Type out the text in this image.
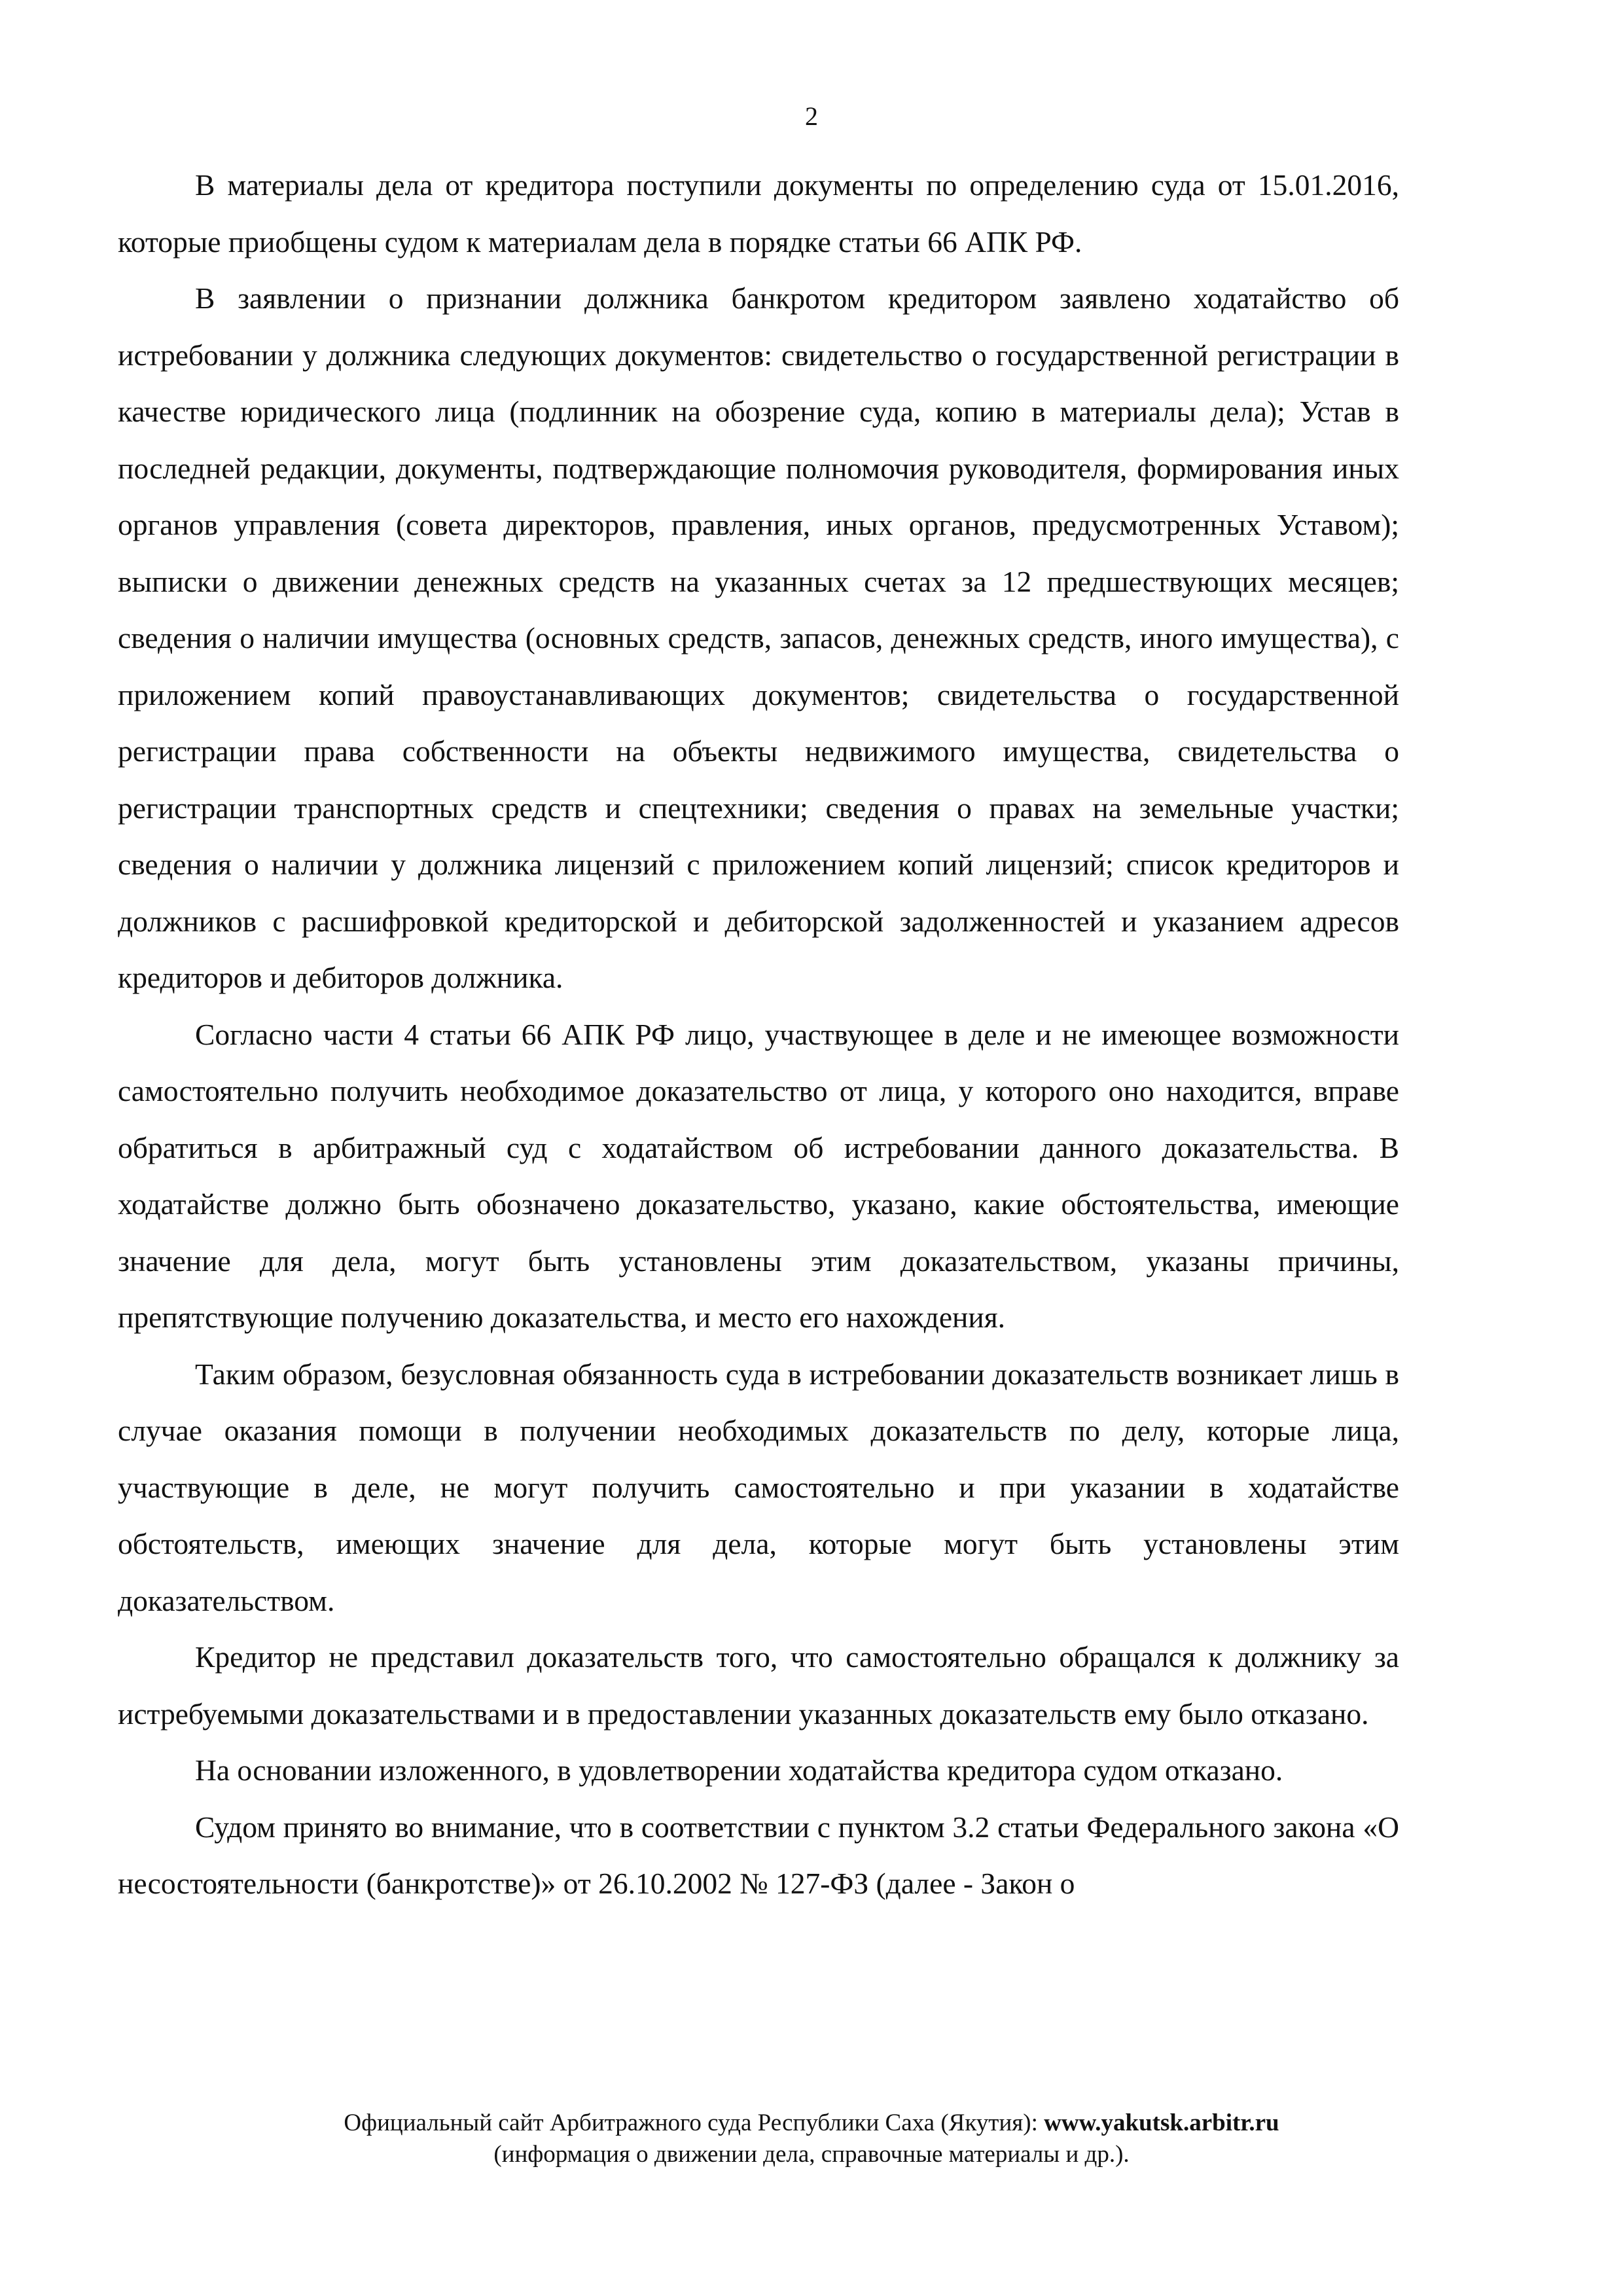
2

В материалы дела от кредитора поступили документы по определению суда от 15.01.2016, которые приобщены судом к материалам дела в порядке статьи 66 АПК РФ.

В заявлении о признании должника банкротом кредитором заявлено ходатайство об истребовании у должника следующих документов: свидетельство о государственной регистрации в качестве юридического лица (подлинник на обозрение суда, копию в материалы дела); Устав в последней редакции, документы, подтверждающие полномочия руководителя, формирования иных органов управления (совета директоров, правления, иных органов, предусмотренных Уставом); выписки о движении денежных средств на указанных счетах за 12 предшествующих месяцев; сведения о наличии имущества (основных средств, запасов, денежных средств, иного имущества), с приложением копий правоустанавливающих документов; свидетельства о государственной регистрации права собственности на объекты недвижимого имущества, свидетельства о регистрации транспортных средств и спецтехники; сведения о правах на земельные участки; сведения о наличии у должника лицензий с приложением копий лицензий; список кредиторов и должников с расшифровкой кредиторской и дебиторской задолженностей и указанием адресов кредиторов и дебиторов должника.

Согласно части 4 статьи 66 АПК РФ лицо, участвующее в деле и не имеющее возможности самостоятельно получить необходимое доказательство от лица, у которого оно находится, вправе обратиться в арбитражный суд с ходатайством об истребовании данного доказательства. В ходатайстве должно быть обозначено доказательство, указано, какие обстоятельства, имеющие значение для дела, могут быть установлены этим доказательством, указаны причины, препятствующие получению доказательства, и место его нахождения.

Таким образом, безусловная обязанность суда в истребовании доказательств возникает лишь в случае оказания помощи в получении необходимых доказательств по делу, которые лица, участвующие в деле, не могут получить самостоятельно и при указании в ходатайстве обстоятельств, имеющих значение для дела, которые могут быть установлены этим доказательством.

Кредитор не представил доказательств того, что самостоятельно обращался к должнику за истребуемыми доказательствами и в предоставлении указанных доказательств ему было отказано.

На основании изложенного, в удовлетворении ходатайства кредитора судом отказано.

Судом принято во внимание, что в соответствии с пунктом 3.2 статьи Федерального закона «О несостоятельности (банкротстве)» от 26.10.2002 № 127-ФЗ (далее - Закон о

Официальный сайт Арбитражного суда Республики Саха (Якутия): www.yakutsk.arbitr.ru
(информация о движении дела, справочные материалы и др.).
